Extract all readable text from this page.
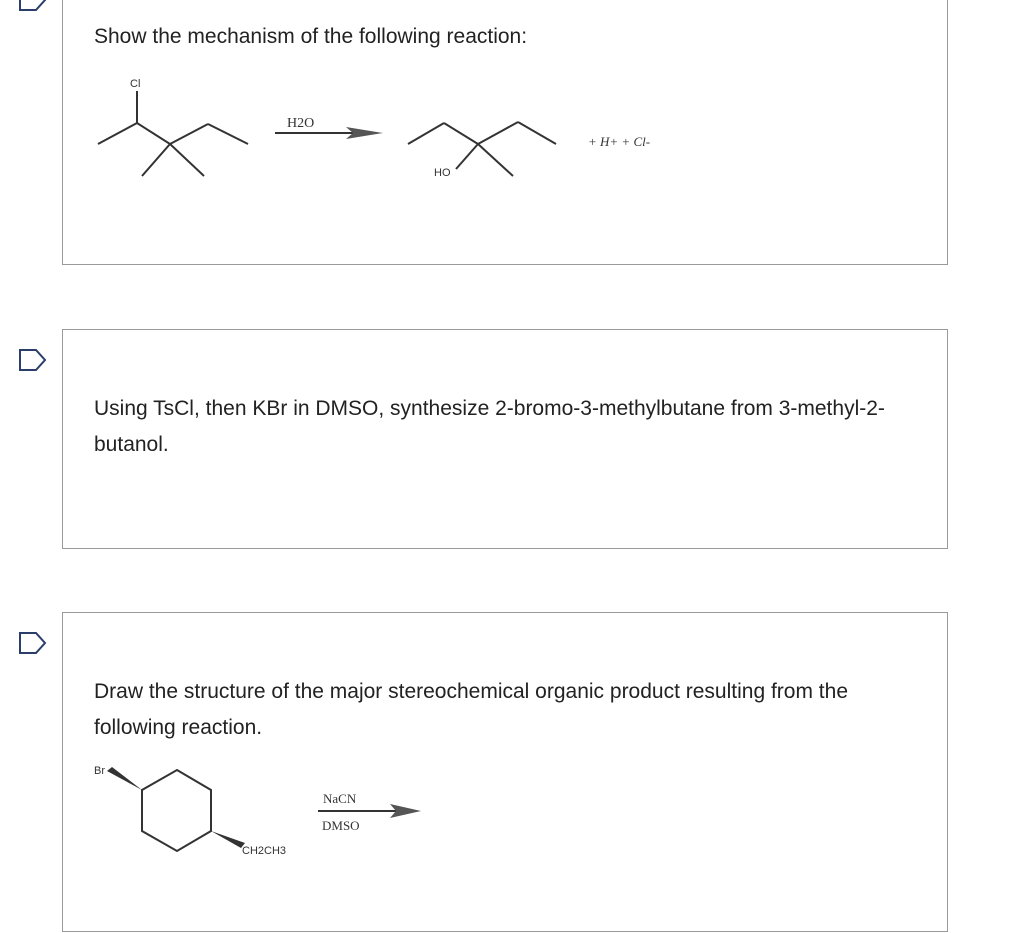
Show the mechanism of the following reaction:
Cl
H2O
HO
+ H+ + Cl-
Using TsCl, then KBr in DMSO, synthesize 2-bromo-3-methylbutane from 3-methyl-2-butanol.
Draw the structure of the major stereochemical organic product resulting from the following reaction.
Br
CH2CH3
NaCN
DMSO
